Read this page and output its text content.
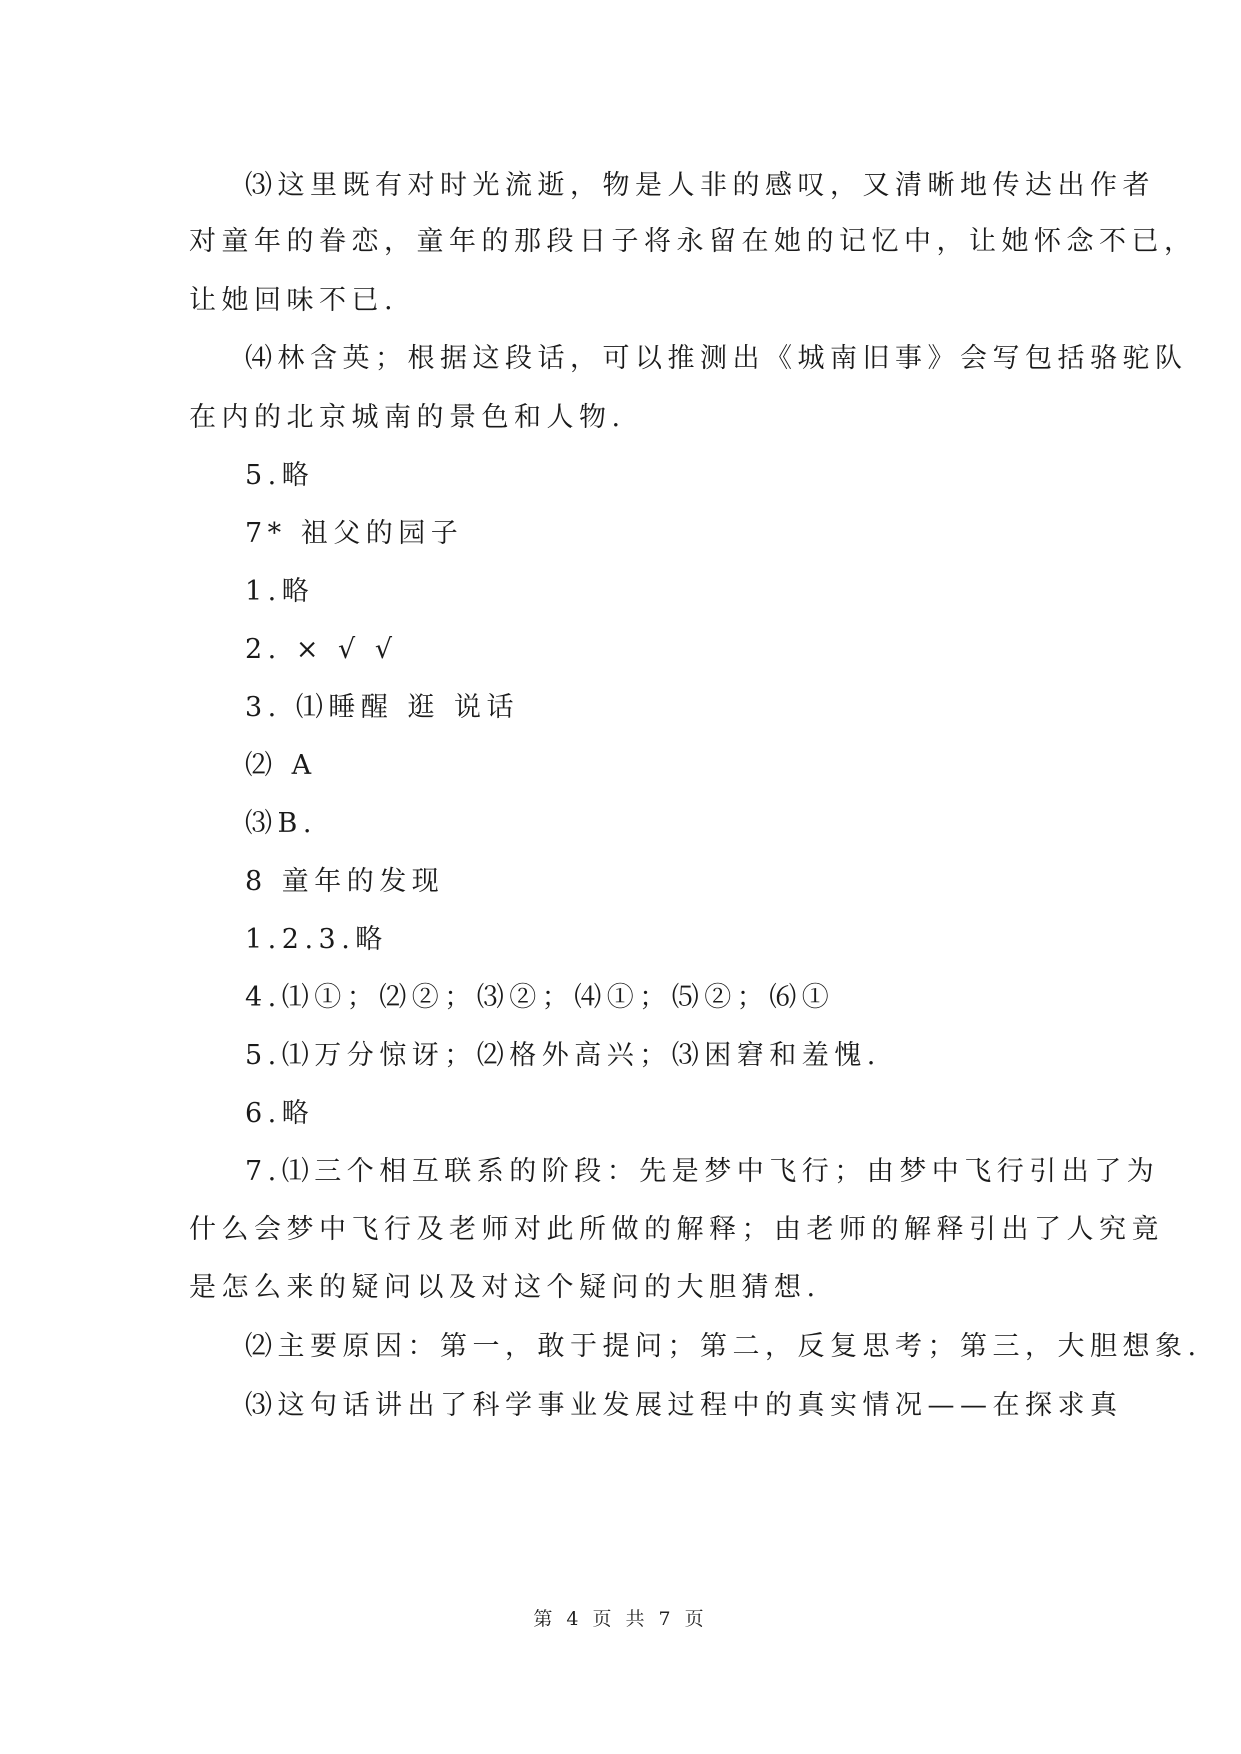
⑶这里既有对时光流逝，物是人非的感叹，又清晰地传达出作者
对童年的眷恋，童年的那段日子将永留在她的记忆中，让她怀念不已，
让她回味不已.
⑷林含英；根据这段话，可以推测出《城南旧事》会写包括骆驼队
在内的北京城南的景色和人物.
5.略
7* 祖父的园子
1.略
2. × √ √
3. ⑴睡醒 逛 说话
⑵ A
⑶B.
8 童年的发现
1.2.3.略
4.⑴①；⑵②；⑶②；⑷①；⑸②；⑹①
5.⑴万分惊讶；⑵格外高兴；⑶困窘和羞愧.
6.略
7.⑴三个相互联系的阶段：先是梦中飞行；由梦中飞行引出了为
什么会梦中飞行及老师对此所做的解释；由老师的解释引出了人究竟
是怎么来的疑问以及对这个疑问的大胆猜想.
⑵主要原因：第一，敢于提问；第二，反复思考；第三，大胆想象.
⑶这句话讲出了科学事业发展过程中的真实情况——在探求真
第 4 页 共 7 页
